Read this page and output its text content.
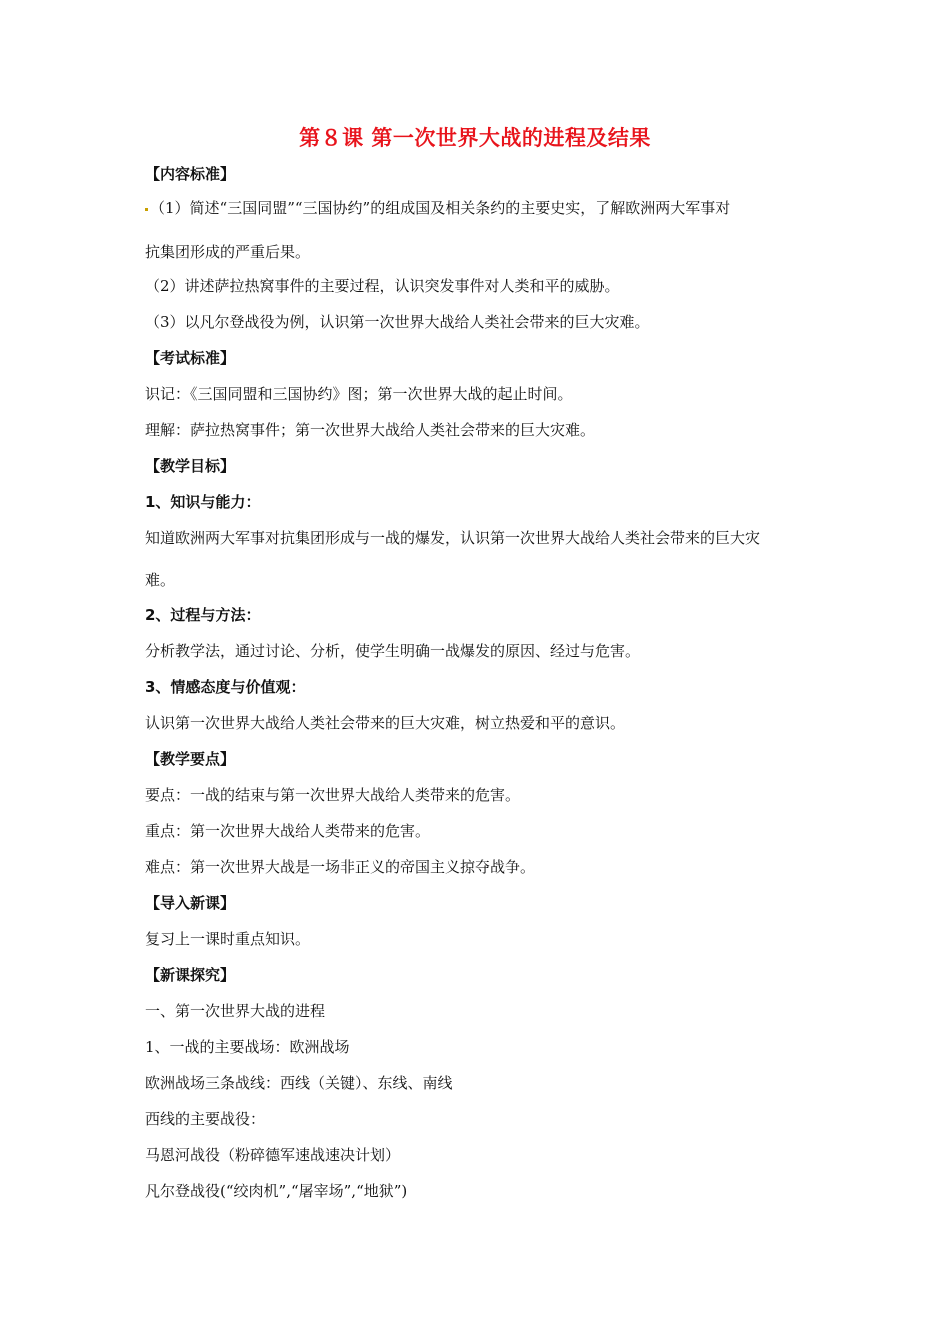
第８课 第一次世界大战的进程及结果

【内容标准】

（1）简述“三国同盟”“三国协约”的组成国及相关条约的主要史实，了解欧洲两大军事对

抗集团形成的严重后果。

（2）讲述萨拉热窝事件的主要过程，认识突发事件对人类和平的威胁。

（3）以凡尔登战役为例，认识第一次世界大战给人类社会带来的巨大灾难。

【考试标准】

识记：《三国同盟和三国协约》图；第一次世界大战的起止时间。

理解：萨拉热窝事件；第一次世界大战给人类社会带来的巨大灾难。

【教学目标】

1、知识与能力：

知道欧洲两大军事对抗集团形成与一战的爆发，认识第一次世界大战给人类社会带来的巨大灾

难。

2、过程与方法：

分析教学法，通过讨论、分析，使学生明确一战爆发的原因、经过与危害。

3、情感态度与价值观：

认识第一次世界大战给人类社会带来的巨大灾难，树立热爱和平的意识。

【教学要点】

要点：一战的结束与第一次世界大战给人类带来的危害。

重点：第一次世界大战给人类带来的危害。

难点：第一次世界大战是一场非正义的帝国主义掠夺战争。

【导入新课】

复习上一课时重点知识。

【新课探究】

一、第一次世界大战的进程

1、一战的主要战场：欧洲战场

欧洲战场三条战线：西线（关键）、东线、南线

西线的主要战役：

马恩河战役（粉碎德军速战速决计划）

凡尔登战役(“绞肉机”,“屠宰场”,“地狱”)
